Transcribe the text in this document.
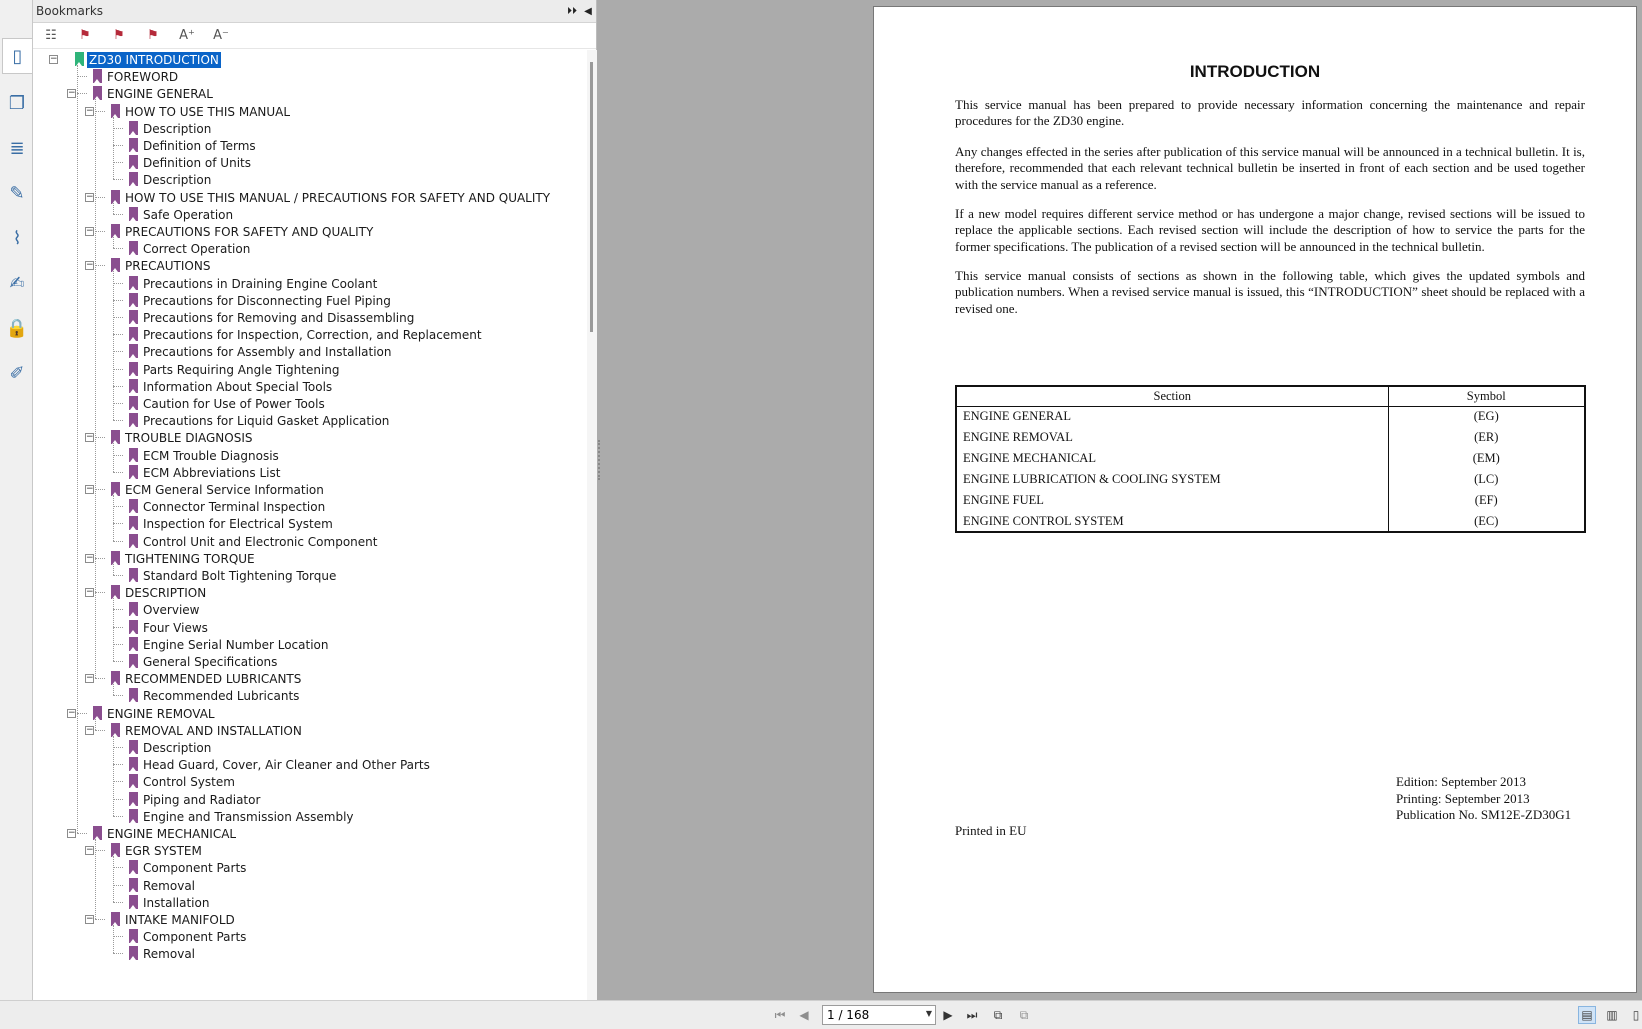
▯
❐
≣
✎
⌇
✍
🔒
✐
Bookmarks	⏵⏵ ◀
☷	⚑	⚑	⚑	A⁺	A⁻
−	ZD30 INTRODUCTION
FOREWORD
−	ENGINE GENERAL
−	HOW TO USE THIS MANUAL
Description
Definition of Terms
Definition of Units
Description
−	HOW TO USE THIS MANUAL / PRECAUTIONS FOR SAFETY AND QUALITY
Safe Operation
−	PRECAUTIONS FOR SAFETY AND QUALITY
Correct Operation
−	PRECAUTIONS
Precautions in Draining Engine Coolant
Precautions for Disconnecting Fuel Piping
Precautions for Removing and Disassembling
Precautions for Inspection, Correction, and Replacement
Precautions for Assembly and Installation
Parts Requiring Angle Tightening
Information About Special Tools
Caution for Use of Power Tools
Precautions for Liquid Gasket Application
−	TROUBLE DIAGNOSIS
ECM Trouble Diagnosis
ECM Abbreviations List
−	ECM General Service Information
Connector Terminal Inspection
Inspection for Electrical System
Control Unit and Electronic Component
−	TIGHTENING TORQUE
Standard Bolt Tightening Torque
−	DESCRIPTION
Overview
Four Views
Engine Serial Number Location
General Specifications
−	RECOMMENDED LUBRICANTS
Recommended Lubricants
−	ENGINE REMOVAL
−	REMOVAL AND INSTALLATION
Description
Head Guard, Cover, Air Cleaner and Other Parts
Control System
Piping and Radiator
Engine and Transmission Assembly
−	ENGINE MECHANICAL
−	EGR SYSTEM
Component Parts
Removal
Installation
−	INTAKE MANIFOLD
Component Parts
Removal
INTRODUCTION

This service manual has been prepared to provide necessary information concerning the maintenance and repair procedures for the ZD30 engine.

Any changes effected in the series after publication of this service manual will be announced in a technical bulletin. It is, therefore, recommended that each relevant technical bulletin be inserted in front of each section and be used together with the service manual as a reference.

If a new model requires different service method or has undergone a major change, revised sections will be issued to replace the applicable sections. Each revised section will include the description of how to service the parts for the former specifications. The publication of a revised section will be announced in the technical bulletin.

This service manual consists of sections as shown in the following table, which gives the updated symbols and publication numbers. When a revised service manual is issued, this “INTRODUCTION” sheet should be replaced with a revised one.

Section	Symbol
ENGINE GENERAL	(EG)
ENGINE REMOVAL	(ER)
ENGINE MECHANICAL	(EM)
ENGINE LUBRICATION & COOLING SYSTEM	(LC)
ENGINE FUEL	(EF)
ENGINE CONTROL SYSTEM	(EC)
Edition: September 2013
Printing: September 2013
Publication No. SM12E-ZD30G1
Printed in EU
⏮ ◀ 1 / 168	▼ ▶ ⏭	⧉	⧉	▤ ▥	▯
